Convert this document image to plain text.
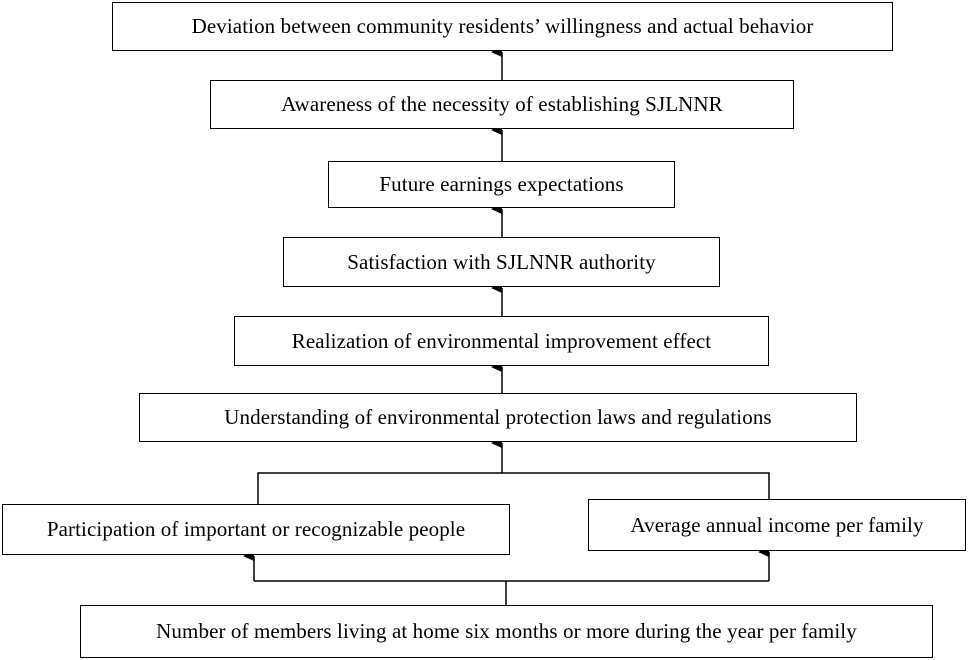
Deviation between community residents’ willingness and actual behavior
Awareness of the necessity of establishing SJLNNR
Future earnings expectations
Satisfaction with SJLNNR authority
Realization of environmental improvement effect
Understanding of environmental protection laws and regulations
Participation of important or recognizable people	Average annual income per family
Number of members living at home six months or more during the year per family
